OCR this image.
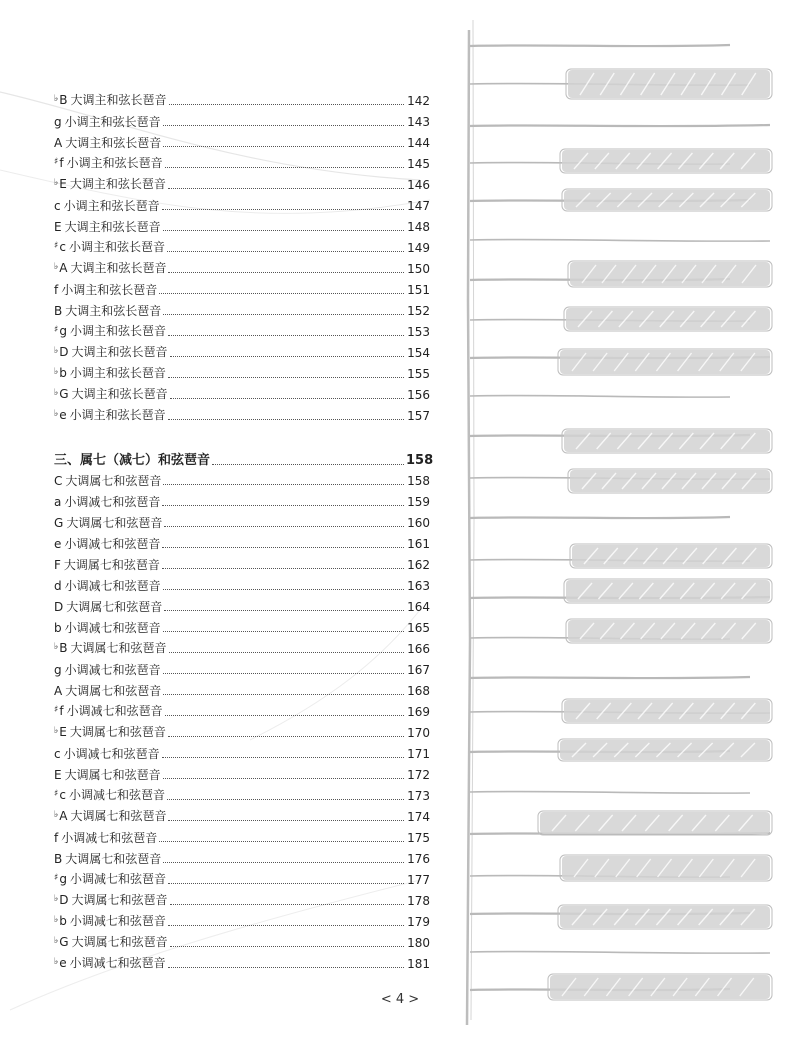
♭B 大调主和弦长琶音	142
g 小调主和弦长琶音	143
A 大调主和弦长琶音	144
♯f 小调主和弦长琶音	145
♭E 大调主和弦长琶音	146
c 小调主和弦长琶音	147
E 大调主和弦长琶音	148
♯c 小调主和弦长琶音	149
♭A 大调主和弦长琶音	150
f 小调主和弦长琶音	151
B 大调主和弦长琶音	152
♯g 小调主和弦长琶音	153
♭D 大调主和弦长琶音	154
♭b 小调主和弦长琶音	155
♭G 大调主和弦长琶音	156
♭e 小调主和弦长琶音	157
三、属七（减七）和弦琶音	158
C 大调属七和弦琶音	158
a 小调减七和弦琶音	159
G 大调属七和弦琶音	160
e 小调减七和弦琶音	161
F 大调属七和弦琶音	162
d 小调减七和弦琶音	163
D 大调属七和弦琶音	164
b 小调减七和弦琶音	165
♭B 大调属七和弦琶音	166
g 小调减七和弦琶音	167
A 大调属七和弦琶音	168
♯f 小调减七和弦琶音	169
♭E 大调属七和弦琶音	170
c 小调减七和弦琶音	171
E 大调属七和弦琶音	172
♯c 小调减七和弦琶音	173
♭A 大调属七和弦琶音	174
f 小调减七和弦琶音	175
B 大调属七和弦琶音	176
♯g 小调减七和弦琶音	177
♭D 大调属七和弦琶音	178
♭b 小调减七和弦琶音	179
♭G 大调属七和弦琶音	180
♭e 小调减七和弦琶音	181
< 4 >
